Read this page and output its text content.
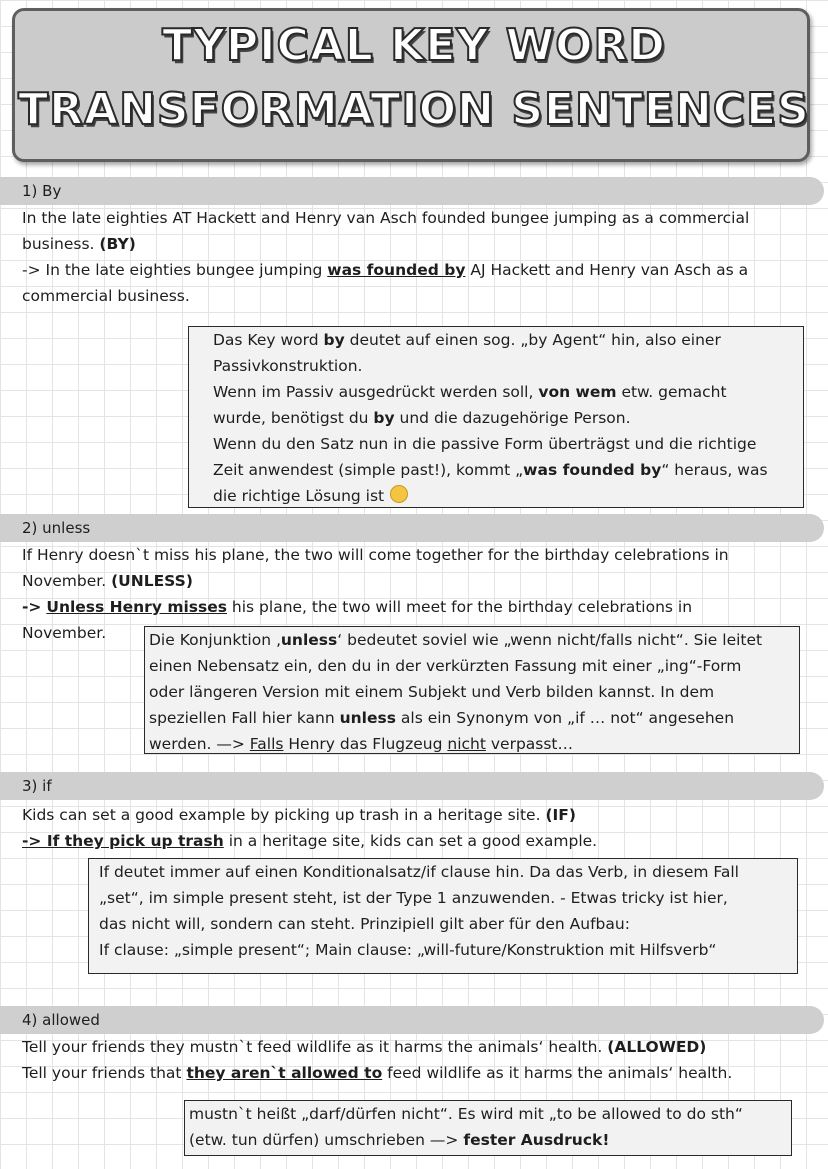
TYPICAL KEY WORD
TRANSFORMATION SENTENCES
1) By
In the late eighties AT Hackett and Henry van Asch founded bungee jumping as a commercial
business. (BY)
-> In the late eighties bungee jumping was founded by AJ Hackett and Henry van Asch as a
commercial business.
Das Key word by deutet auf einen sog. „by Agent“ hin, also einer
Passivkonstruktion.
Wenn im Passiv ausgedrückt werden soll, von wem etw. gemacht
wurde, benötigst du by und die dazugehörige Person.
Wenn du den Satz nun in die passive Form überträgst und die richtige
Zeit anwendest (simple past!), kommt „was founded by“ heraus, was
die richtige Lösung ist
2) unless
If Henry doesn`t miss his plane, the two will come together for the birthday celebrations in
November. (UNLESS)
-> Unless Henry misses his plane, the two will meet for the birthday celebrations in
November.	Die Konjunktion ‚unless‘ bedeutet soviel wie „wenn nicht/falls nicht“. Sie leitet
einen Nebensatz ein, den du in der verkürzten Fassung mit einer „ing“-Form
oder längeren Version mit einem Subjekt und Verb bilden kannst. In dem
speziellen Fall hier kann unless als ein Synonym von „if … not“ angesehen
werden. —> Falls Henry das Flugzeug nicht verpasst…
3) if
Kids can set a good example by picking up trash in a heritage site. (IF)
-> If they pick up trash in a heritage site, kids can set a good example.
If deutet immer auf einen Konditionalsatz/if clause hin. Da das Verb, in diesem Fall
„set“, im simple present steht, ist der Type 1 anzuwenden. - Etwas tricky ist hier,
das nicht will, sondern can steht. Prinzipiell gilt aber für den Aufbau:
If clause: „simple present“; Main clause: „will-future/Konstruktion mit Hilfsverb“
4) allowed
Tell your friends they mustn`t feed wildlife as it harms the animals‘ health. (ALLOWED)
Tell your friends that they aren`t allowed to feed wildlife as it harms the animals‘ health.
mustn`t heißt „darf/dürfen nicht“. Es wird mit „to be allowed to do sth“
(etw. tun dürfen) umschrieben —> fester Ausdruck!
